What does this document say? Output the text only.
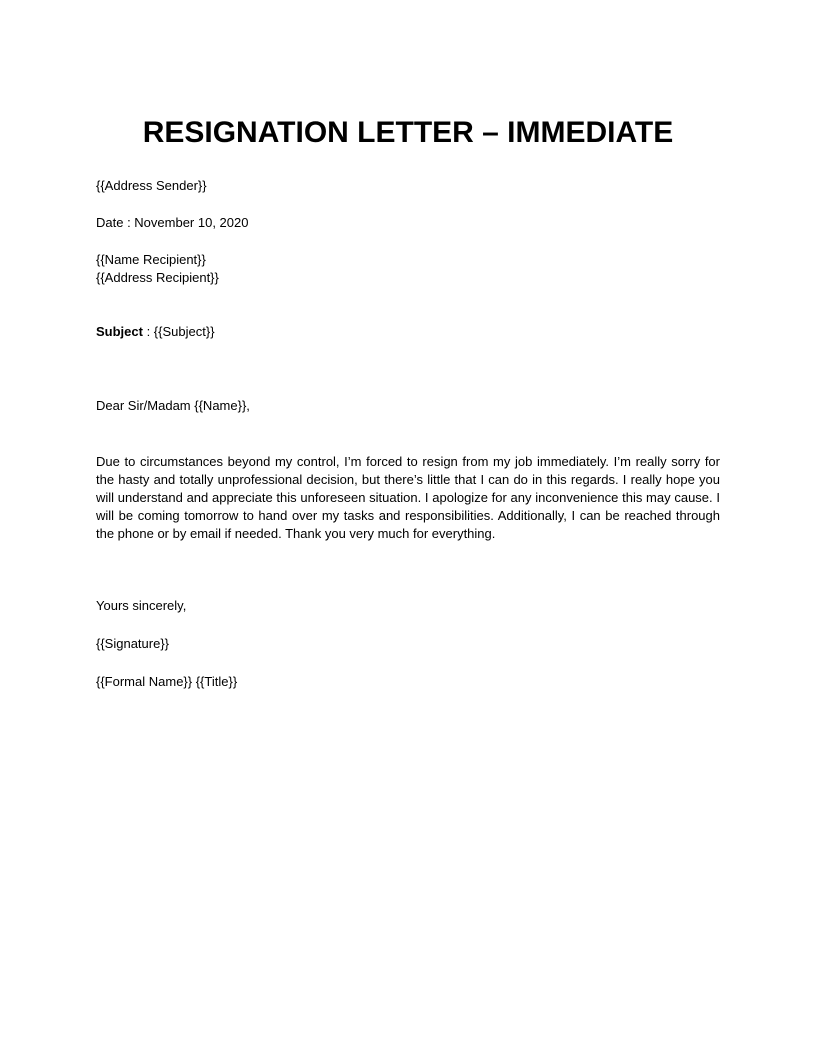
RESIGNATION LETTER – IMMEDIATE
{{Address Sender}}
Date : November 10, 2020
{{Name Recipient}}
{{Address Recipient}}
Subject : {{Subject}}
Dear Sir/Madam {{Name}},
Due to circumstances beyond my control, I’m forced to resign from my job immediately. I’m really sorry for the hasty and totally unprofessional decision, but there’s little that I can do in this regards. I really hope you will understand and appreciate this unforeseen situation. I apologize for any inconvenience this may cause. I will be coming tomorrow to hand over my tasks and responsibilities. Additionally, I can be reached through the phone or by email if needed. Thank you very much for everything.
Yours sincerely,
{{Signature}}
{{Formal Name}} {{Title}}
